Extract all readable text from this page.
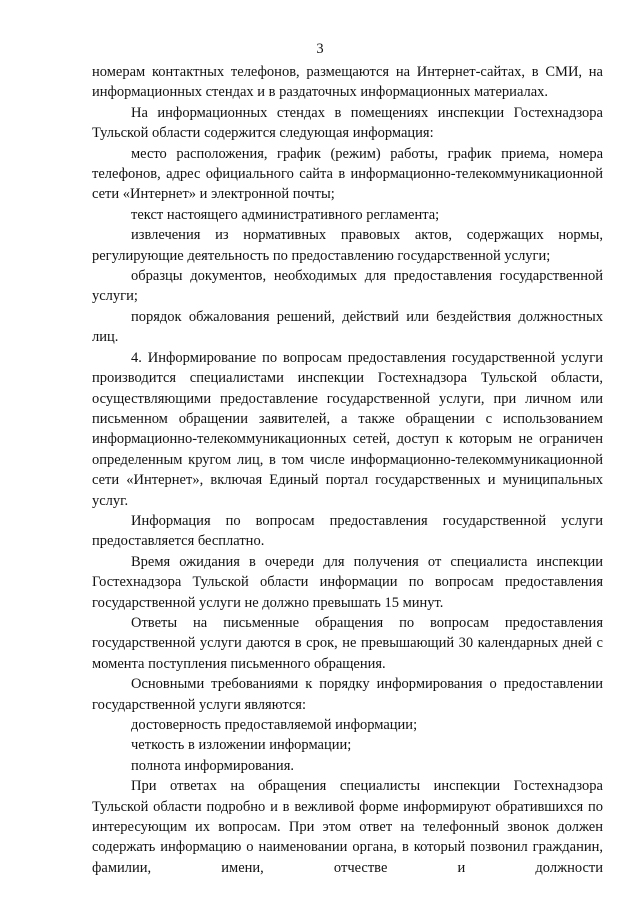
3

номерам контактных телефонов, размещаются на Интернет-сайтах, в СМИ, на информационных стендах и в раздаточных информационных материалах.

На информационных стендах в помещениях инспекции Гостехнадзора Тульской области содержится следующая информация:

место расположения, график (режим) работы, график приема, номера телефонов, адрес официального сайта в информационно-телекоммуникационной сети «Интернет» и электронной почты;

текст настоящего административного регламента;

извлечения из нормативных правовых актов, содержащих нормы, регулирующие деятельность по предоставлению государственной услуги;

образцы документов, необходимых для предоставления государственной услуги;

порядок обжалования решений, действий или бездействия должностных лиц.

4. Информирование по вопросам предоставления государственной услуги производится специалистами инспекции Гостехнадзора Тульской области, осуществляющими предоставление государственной услуги, при личном или письменном обращении заявителей, а также обращении с использованием информационно-телекоммуникационных сетей, доступ к которым не ограничен определенным кругом лиц, в том числе информационно-телекоммуникационной сети «Интернет», включая Единый портал государственных и муниципальных услуг.

Информация по вопросам предоставления государственной услуги предоставляется бесплатно.

Время ожидания в очереди для получения от специалиста инспекции Гостехнадзора Тульской области информации по вопросам предоставления государственной услуги не должно превышать 15 минут.

Ответы на письменные обращения по вопросам предоставления государственной услуги даются в срок, не превышающий 30 календарных дней с момента поступления письменного обращения.

Основными требованиями к порядку информирования о предоставлении государственной услуги являются:

достоверность предоставляемой информации;

четкость в изложении информации;

полнота информирования.

При ответах на обращения специалисты инспекции Гостехнадзора Тульской области подробно и в вежливой форме информируют обратившихся по интересующим их вопросам. При этом ответ на телефонный звонок должен содержать информацию о наименовании органа, в который позвонил гражданин, фамилии, имени, отчестве и должности
